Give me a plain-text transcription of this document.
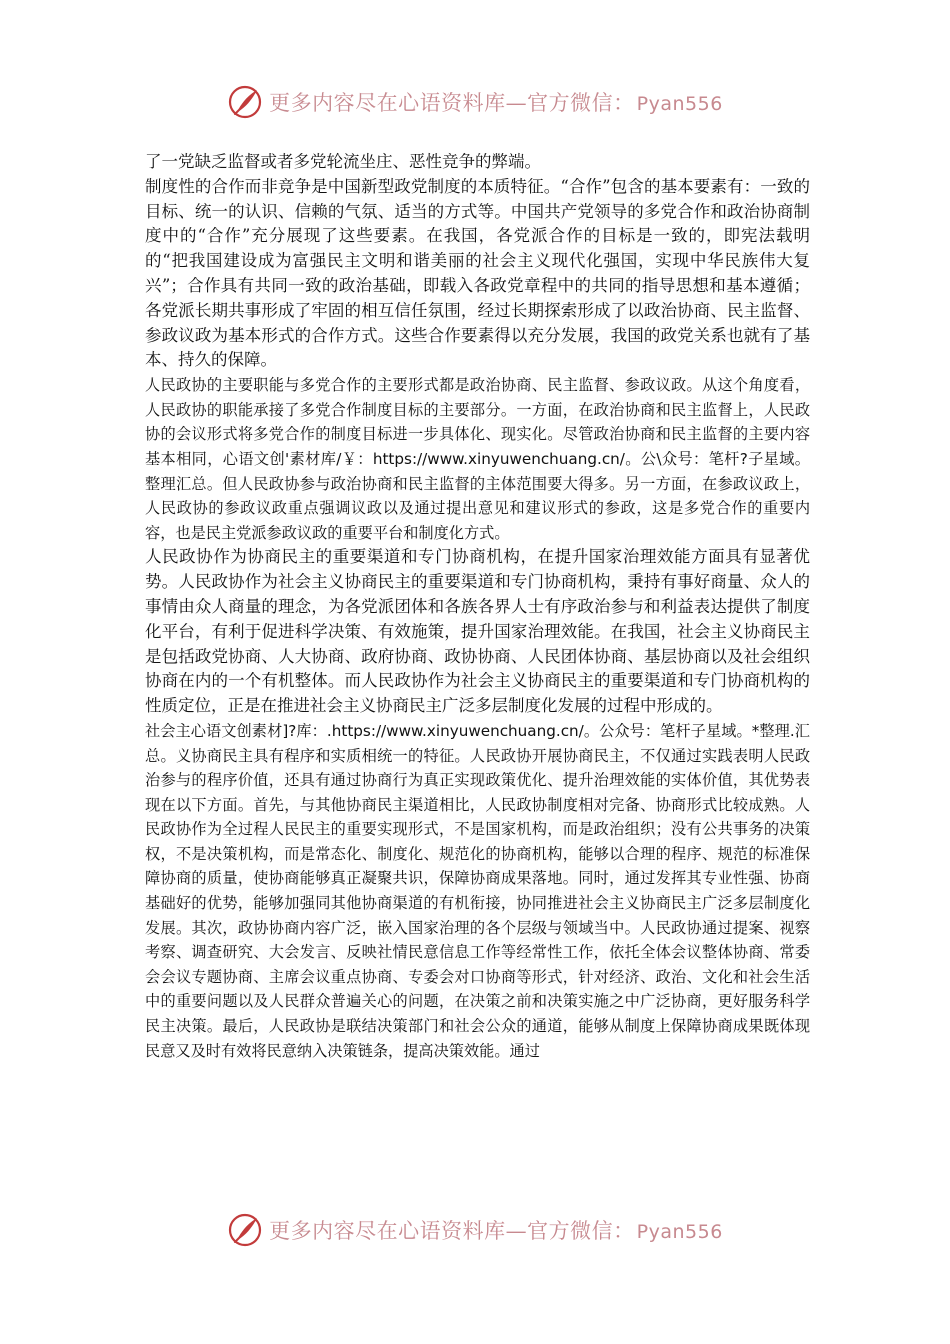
更多内容尽在心语资料库—官方微信： Pyan556

了一党缺乏监督或者多党轮流坐庄、恶性竞争的弊端。

制度性的合作而非竞争是中国新型政党制度的本质特征。“合作”包含的基本要素有：一致的目标、统一的认识、信赖的气氛、适当的方式等。中国共产党领导的多党合作和政治协商制度中的“合作”充分展现了这些要素。在我国，各党派合作的目标是一致的，即宪法载明的“把我国建设成为富强民主文明和谐美丽的社会主义现代化强国，实现中华民族伟大复兴”；合作具有共同一致的政治基础，即载入各政党章程中的共同的指导思想和基本遵循；各党派长期共事形成了牢固的相互信任氛围，经过长期探索形成了以政治协商、民主监督、参政议政为基本形式的合作方式。这些合作要素得以充分发展，我国的政党关系也就有了基本、持久的保障。

人民政协的主要职能与多党合作的主要形式都是政治协商、民主监督、参政议政。从这个角度看，人民政协的职能承接了多党合作制度目标的主要部分。一方面，在政治协商和民主监督上，人民政协的会议形式将多党合作的制度目标进一步具体化、现实化。尽管政治协商和民主监督的主要内容基本相同，心语文创'素材库/￥：https://www.xinyuwenchuang.cn/。公\众号：笔杆?子星域。整理汇总。但人民政协参与政治协商和民主监督的主体范围要大得多。另一方面，在参政议政上，人民政协的参政议政重点强调议政以及通过提出意见和建议形式的参政，这是多党合作的重要内容，也是民主党派参政议政的重要平台和制度化方式。

人民政协作为协商民主的重要渠道和专门协商机构，在提升国家治理效能方面具有显著优势。人民政协作为社会主义协商民主的重要渠道和专门协商机构，秉持有事好商量、众人的事情由众人商量的理念，为各党派团体和各族各界人士有序政治参与和利益表达提供了制度化平台，有利于促进科学决策、有效施策，提升国家治理效能。在我国，社会主义协商民主是包括政党协商、人大协商、政府协商、政协协商、人民团体协商、基层协商以及社会组织协商在内的一个有机整体。而人民政协作为社会主义协商民主的重要渠道和专门协商机构的性质定位，正是在推进社会主义协商民主广泛多层制度化发展的过程中形成的。

社会主心语文创素材]?库：.https://www.xinyuwenchuang.cn/。公众号：笔杆子星域。*整理.汇总。义协商民主具有程序和实质相统一的特征。人民政协开展协商民主，不仅通过实践表明人民政治参与的程序价值，还具有通过协商行为真正实现政策优化、提升治理效能的实体价值，其优势表现在以下方面。首先，与其他协商民主渠道相比，人民政协制度相对完备、协商形式比较成熟。人民政协作为全过程人民民主的重要实现形式，不是国家机构，而是政治组织；没有公共事务的决策权，不是决策机构，而是常态化、制度化、规范化的协商机构，能够以合理的程序、规范的标准保障协商的质量，使协商能够真正凝聚共识，保障协商成果落地。同时，通过发挥其专业性强、协商基础好的优势，能够加强同其他协商渠道的有机衔接，协同推进社会主义协商民主广泛多层制度化发展。其次，政协协商内容广泛，嵌入国家治理的各个层级与领域当中。人民政协通过提案、视察考察、调查研究、大会发言、反映社情民意信息工作等经常性工作，依托全体会议整体协商、常委会会议专题协商、主席会议重点协商、专委会对口协商等形式，针对经济、政治、文化和社会生活中的重要问题以及人民群众普遍关心的问题，在决策之前和决策实施之中广泛协商，更好服务科学民主决策。最后，人民政协是联结决策部门和社会公众的通道，能够从制度上保障协商成果既体现民意又及时有效将民意纳入决策链条，提高决策效能。通过

更多内容尽在心语资料库—官方微信： Pyan556
